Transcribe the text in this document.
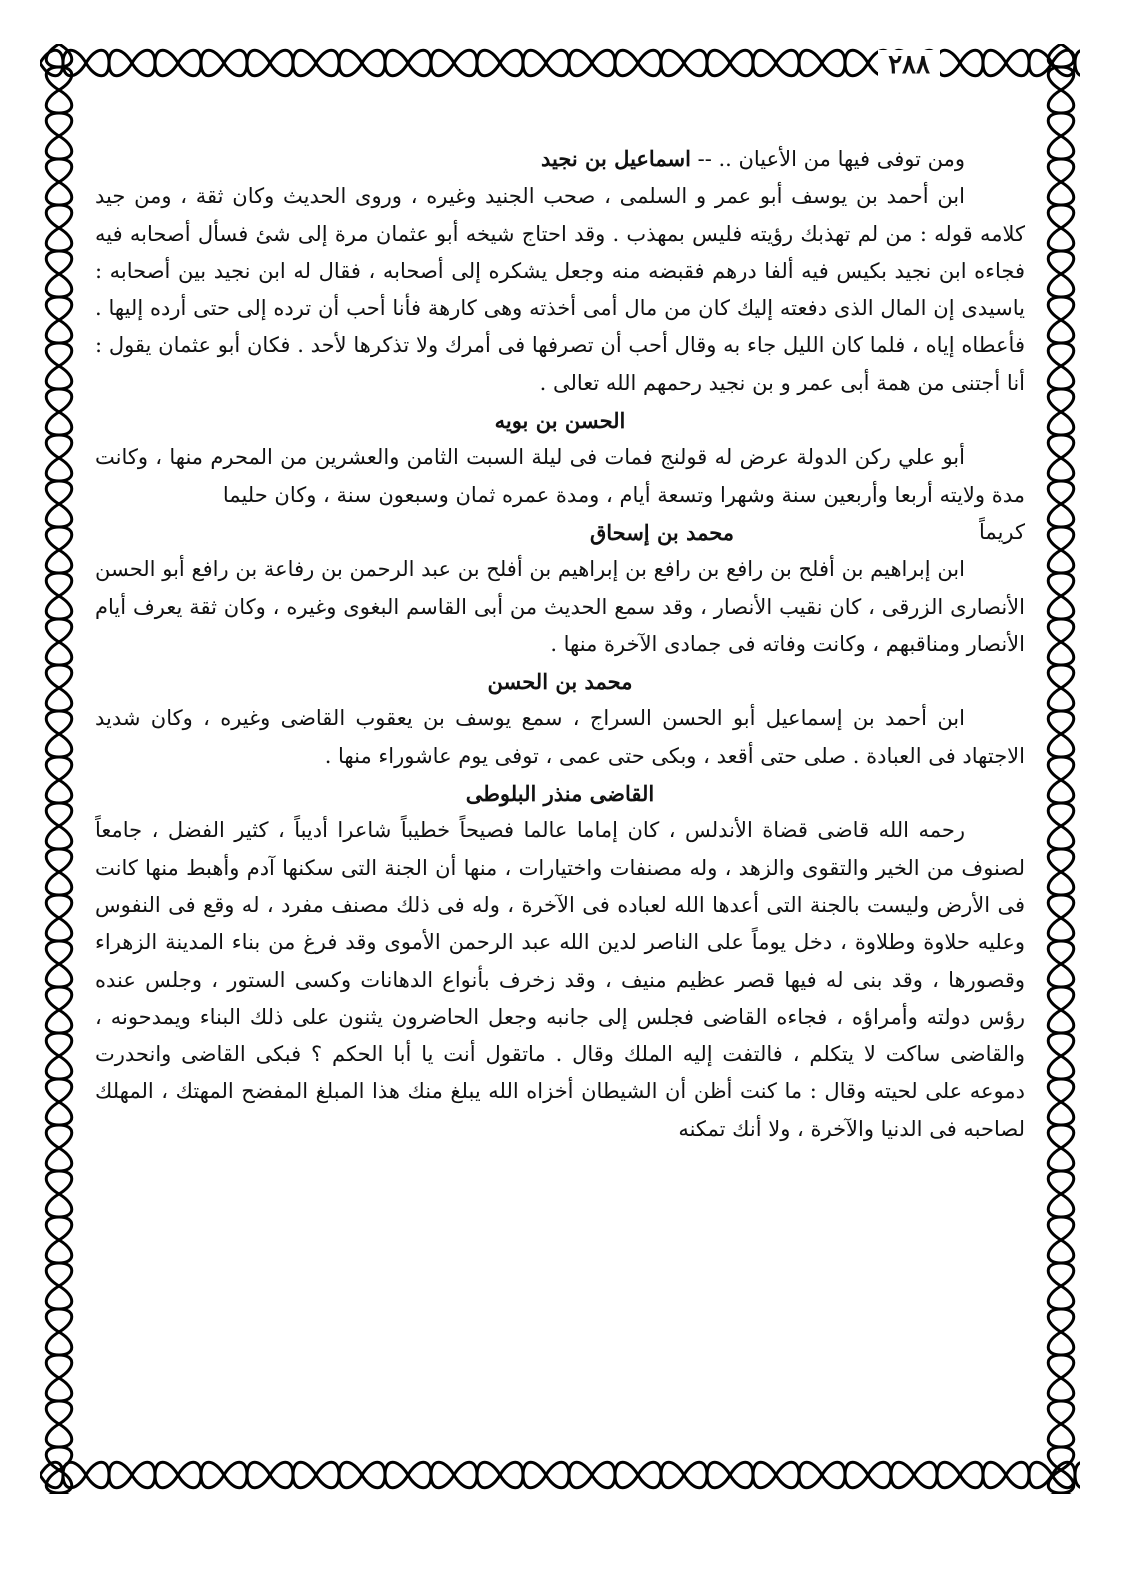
٢٨٨

ومن توفى فيها من الأعيان .. -- اسماعيل بن نجيد

ابن أحمد بن يوسف أبو عمر و السلمى ، صحب الجنيد وغيره ، وروى الحديث وكان ثقة ، ومن جيد كلامه قوله : من لم تهذبك رؤيته فليس بمهذب . وقد احتاج شيخه أبو عثمان مرة إلى شئ فسأل أصحابه فيه فجاءه ابن نجيد بكيس فيه ألفا درهم فقبضه منه وجعل يشكره إلى أصحابه ، فقال له ابن نجيد بين أصحابه : ياسيدى إن المال الذى دفعته إليك كان من مال أمى أخذته وهى كارهة فأنا أحب أن ترده إلى حتى أرده إليها . فأعطاه إياه ، فلما كان الليل جاء به وقال أحب أن تصرفها فى أمرك ولا تذكرها لأحد . فكان أبو عثمان يقول : أنا أجتنى من همة أبى عمر و بن نجيد رحمهم الله تعالى .

الحسن بن بويه

أبو علي ركن الدولة عرض له قولنج فمات فى ليلة السبت الثامن والعشرين من المحرم منها ، وكانت مدة ولايته أربعا وأربعين سنة وشهرا وتسعة أيام ، ومدة عمره ثمان وسبعون سنة ، وكان حليما

كريماً
محمد بن إسحاق

ابن إبراهيم بن أفلح بن رافع بن رافع بن إبراهيم بن أفلح بن عبد الرحمن بن رفاعة بن رافع أبو الحسن الأنصارى الزرقى ، كان نقيب الأنصار ، وقد سمع الحديث من أبى القاسم البغوى وغيره ، وكان ثقة يعرف أيام الأنصار ومناقبهم ، وكانت وفاته فى جمادى الآخرة منها .

محمد بن الحسن

ابن أحمد بن إسماعيل أبو الحسن السراج ، سمع يوسف بن يعقوب القاضى وغيره ، وكان شديد الاجتهاد فى العبادة . صلى حتى أقعد ، وبكى حتى عمى ، توفى يوم عاشوراء منها .

القاضى منذر البلوطى

رحمه الله قاضى قضاة الأندلس ، كان إماما عالما فصيحاً خطيباً شاعرا أديباً ، كثير الفضل ، جامعاً لصنوف من الخير والتقوى والزهد ، وله مصنفات واختيارات ، منها أن الجنة التى سكنها آدم وأهبط منها كانت فى الأرض وليست بالجنة التى أعدها الله لعباده فى الآخرة ، وله فى ذلك مصنف مفرد ، له وقع فى النفوس وعليه حلاوة وطلاوة ، دخل يوماً على الناصر لدين الله عبد الرحمن الأموى وقد فرغ من بناء المدينة الزهراء وقصورها ، وقد بنى له فيها قصر عظيم منيف ، وقد زخرف بأنواع الدهانات وكسى الستور ، وجلس عنده رؤس دولته وأمراؤه ، فجاءه القاضى فجلس إلى جانبه وجعل الحاضرون يثنون على ذلك البناء ويمدحونه ، والقاضى ساكت لا يتكلم ، فالتفت إليه الملك وقال . ماتقول أنت يا أبا الحكم ؟ فبكى القاضى وانحدرت دموعه على لحيته وقال : ما كنت أظن أن الشيطان أخزاه الله يبلغ منك هذا المبلغ المفضح المهتك ، المهلك لصاحبه فى الدنيا والآخرة ، ولا أنك تمكنه
